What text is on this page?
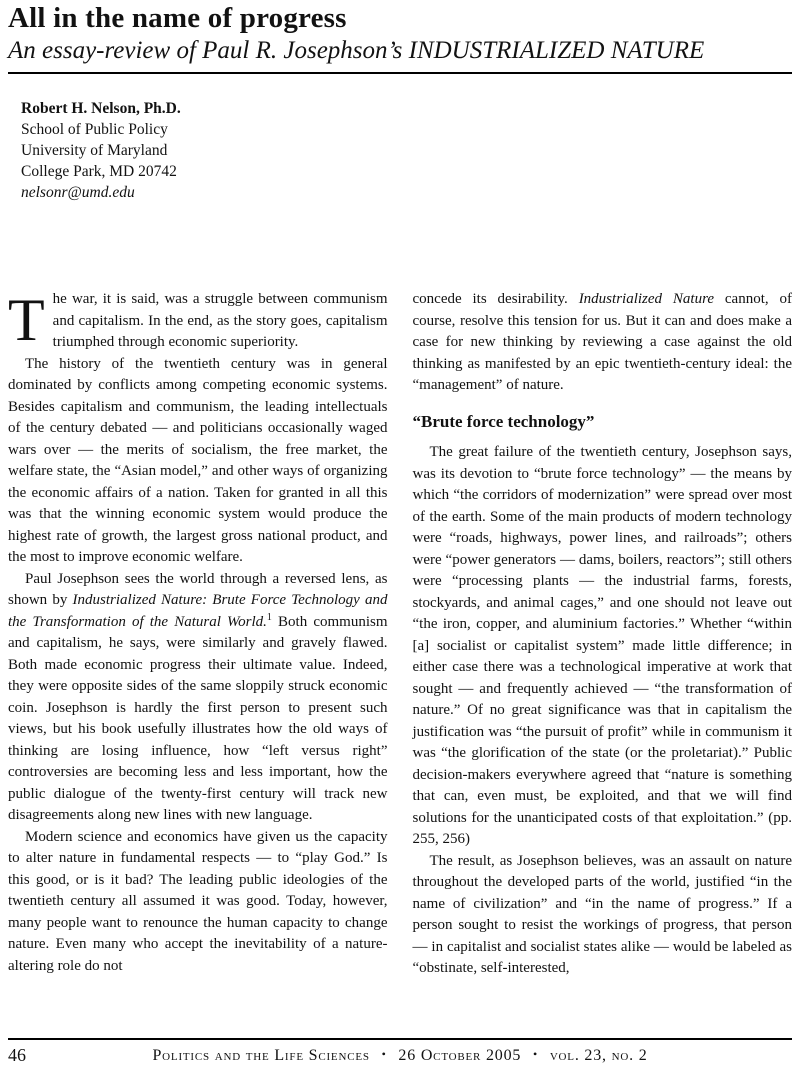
All in the name of progress
An essay-review of Paul R. Josephson’s INDUSTRIALIZED NATURE
Robert H. Nelson, Ph.D.
School of Public Policy
University of Maryland
College Park, MD 20742
nelsonr@umd.edu

The war, it is said, was a struggle between communism and capitalism. In the end, as the story goes, capitalism triumphed through economic superiority.

The history of the twentieth century was in general dominated by conflicts among competing economic systems. Besides capitalism and communism, the leading intellectuals of the century debated — and politicians occasionally waged wars over — the merits of socialism, the free market, the welfare state, the “Asian model,” and other ways of organizing the economic affairs of a nation. Taken for granted in all this was that the winning economic system would produce the highest rate of growth, the largest gross national product, and the most to improve economic welfare.

Paul Josephson sees the world through a reversed lens, as shown by Industrialized Nature: Brute Force Technology and the Transformation of the Natural World.$^1$ Both communism and capitalism, he says, were similarly and gravely flawed. Both made economic progress their ultimate value. Indeed, they were opposite sides of the same sloppily struck economic coin. Josephson is hardly the first person to present such views, but his book usefully illustrates how the old ways of thinking are losing influence, how “left versus right” controversies are becoming less and less important, how the public dialogue of the twenty-first century will track new disagreements along new lines with new language.

Modern science and economics have given us the capacity to alter nature in fundamental respects — to “play God.” Is this good, or is it bad? The leading public ideologies of the twentieth century all assumed it was good. Today, however, many people want to renounce the human capacity to change nature. Even many who accept the inevitability of a nature-altering role do not

concede its desirability. Industrialized Nature cannot, of course, resolve this tension for us. But it can and does make a case for new thinking by reviewing a case against the old thinking as manifested by an epic twentieth-century ideal: the “management” of nature.

“Brute force technology”

The great failure of the twentieth century, Josephson says, was its devotion to “brute force technology” — the means by which “the corridors of modernization” were spread over most of the earth. Some of the main products of modern technology were “roads, highways, power lines, and railroads”; others were “power generators — dams, boilers, reactors”; still others were “processing plants — the industrial farms, forests, stockyards, and animal cages,” and one should not leave out “the iron, copper, and aluminium factories.” Whether “within [a] socialist or capitalist system” made little difference; in either case there was a technological imperative at work that sought — and frequently achieved — “the transformation of nature.” Of no great significance was that in capitalism the justification was “the pursuit of profit” while in communism it was “the glorification of the state (or the proletariat).” Public decision-makers everywhere agreed that “nature is something that can, even must, be exploited, and that we will find solutions for the unanticipated costs of that exploitation.” (pp. 255, 256)

The result, as Josephson believes, was an assault on nature throughout the developed parts of the world, justified “in the name of civilization” and “in the name of progress.” If a person sought to resist the workings of progress, that person — in capitalist and socialist states alike — would be labeled as “obstinate, self-interested,

46	Politics and the Life Sciences • 26 October 2005 • vol. 23, no. 2
